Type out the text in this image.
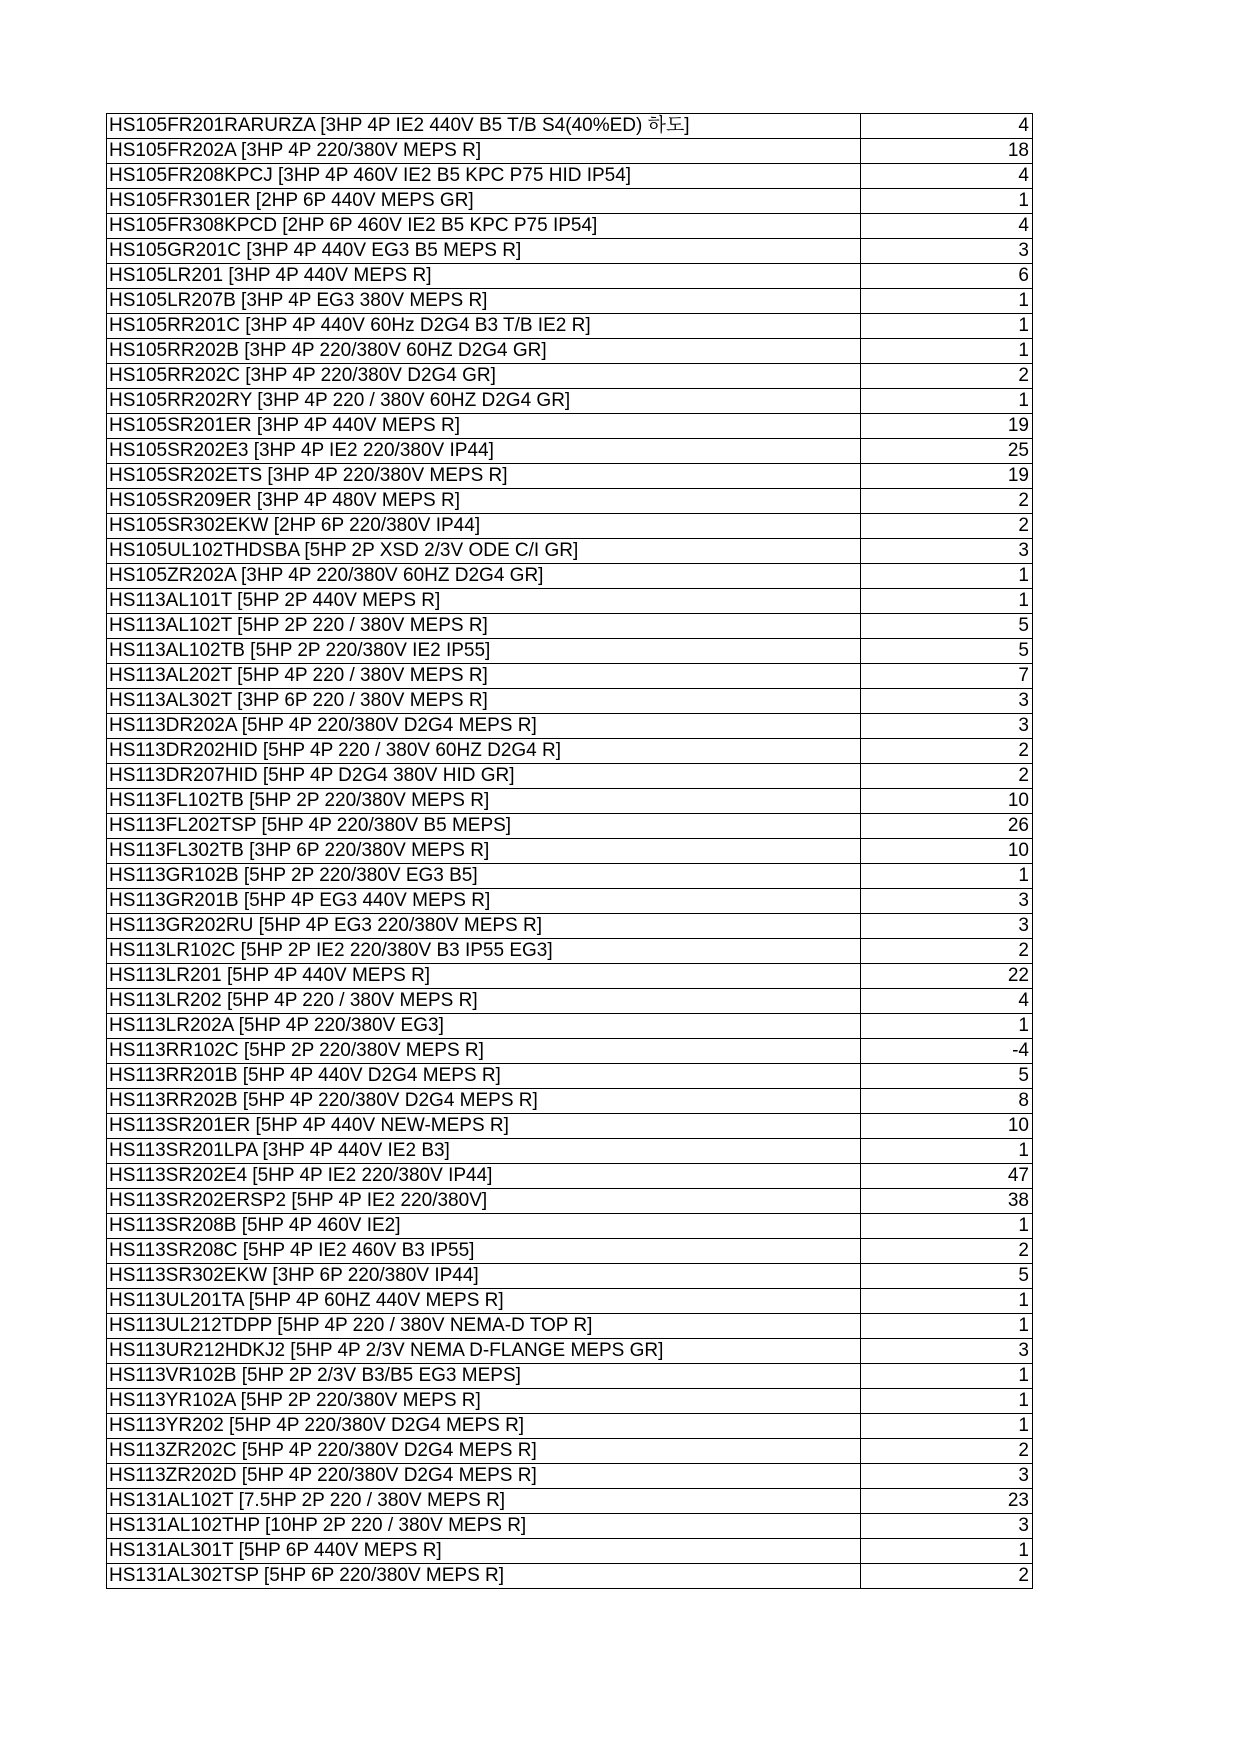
HS105FR201RARURZA [3HP 4P IE2 440V B5 T/B S4(40%ED) 하도]	4
HS105FR202A [3HP 4P 220/380V MEPS R]	18
HS105FR208KPCJ [3HP 4P 460V IE2 B5 KPC P75 HID IP54]	4
HS105FR301ER [2HP 6P 440V MEPS GR]	1
HS105FR308KPCD [2HP 6P 460V IE2 B5 KPC P75 IP54]	4
HS105GR201C [3HP 4P 440V EG3 B5 MEPS R]	3
HS105LR201 [3HP 4P 440V MEPS R]	6
HS105LR207B [3HP 4P EG3 380V MEPS R]	1
HS105RR201C [3HP 4P 440V 60Hz D2G4 B3 T/B IE2 R]	1
HS105RR202B [3HP 4P 220/380V 60HZ D2G4 GR]	1
HS105RR202C [3HP 4P 220/380V D2G4 GR]	2
HS105RR202RY [3HP 4P 220 / 380V 60HZ D2G4 GR]	1
HS105SR201ER [3HP 4P 440V MEPS R]	19
HS105SR202E3 [3HP 4P IE2 220/380V IP44]	25
HS105SR202ETS [3HP 4P 220/380V MEPS R]	19
HS105SR209ER [3HP 4P 480V MEPS R]	2
HS105SR302EKW [2HP 6P 220/380V IP44]	2
HS105UL102THDSBA [5HP 2P XSD 2/3V ODE C/I GR]	3
HS105ZR202A [3HP 4P 220/380V 60HZ D2G4 GR]	1
HS113AL101T [5HP 2P 440V MEPS R]	1
HS113AL102T [5HP 2P 220 / 380V MEPS R]	5
HS113AL102TB [5HP 2P 220/380V IE2 IP55]	5
HS113AL202T [5HP 4P 220 / 380V MEPS R]	7
HS113AL302T [3HP 6P 220 / 380V MEPS R]	3
HS113DR202A [5HP 4P 220/380V D2G4 MEPS R]	3
HS113DR202HID [5HP 4P 220 / 380V 60HZ D2G4 R]	2
HS113DR207HID [5HP 4P D2G4 380V HID GR]	2
HS113FL102TB [5HP 2P 220/380V MEPS R]	10
HS113FL202TSP [5HP 4P 220/380V B5 MEPS]	26
HS113FL302TB [3HP 6P 220/380V MEPS R]	10
HS113GR102B [5HP 2P 220/380V EG3 B5]	1
HS113GR201B [5HP 4P EG3 440V MEPS R]	3
HS113GR202RU [5HP 4P EG3 220/380V MEPS R]	3
HS113LR102C [5HP 2P IE2 220/380V B3 IP55 EG3]	2
HS113LR201 [5HP 4P 440V MEPS R]	22
HS113LR202 [5HP 4P 220 / 380V MEPS R]	4
HS113LR202A [5HP 4P 220/380V EG3]	1
HS113RR102C [5HP 2P 220/380V MEPS R]	-4
HS113RR201B [5HP 4P 440V D2G4 MEPS R]	5
HS113RR202B [5HP 4P 220/380V D2G4 MEPS R]	8
HS113SR201ER [5HP 4P 440V NEW-MEPS R]	10
HS113SR201LPA [3HP 4P 440V IE2 B3]	1
HS113SR202E4 [5HP 4P IE2 220/380V IP44]	47
HS113SR202ERSP2 [5HP 4P IE2 220/380V]	38
HS113SR208B [5HP 4P 460V IE2]	1
HS113SR208C [5HP 4P IE2 460V B3 IP55]	2
HS113SR302EKW [3HP 6P 220/380V IP44]	5
HS113UL201TA [5HP 4P 60HZ 440V MEPS R]	1
HS113UL212TDPP [5HP 4P 220 / 380V NEMA-D TOP R]	1
HS113UR212HDKJ2 [5HP 4P 2/3V NEMA D-FLANGE MEPS GR]	3
HS113VR102B [5HP 2P 2/3V B3/B5 EG3 MEPS]	1
HS113YR102A [5HP 2P 220/380V MEPS R]	1
HS113YR202 [5HP 4P 220/380V D2G4 MEPS R]	1
HS113ZR202C [5HP 4P 220/380V D2G4 MEPS R]	2
HS113ZR202D [5HP 4P 220/380V D2G4 MEPS R]	3
HS131AL102T [7.5HP 2P 220 / 380V MEPS R]	23
HS131AL102THP [10HP 2P 220 / 380V MEPS R]	3
HS131AL301T [5HP 6P 440V MEPS R]	1
HS131AL302TSP [5HP 6P 220/380V MEPS R]	2
